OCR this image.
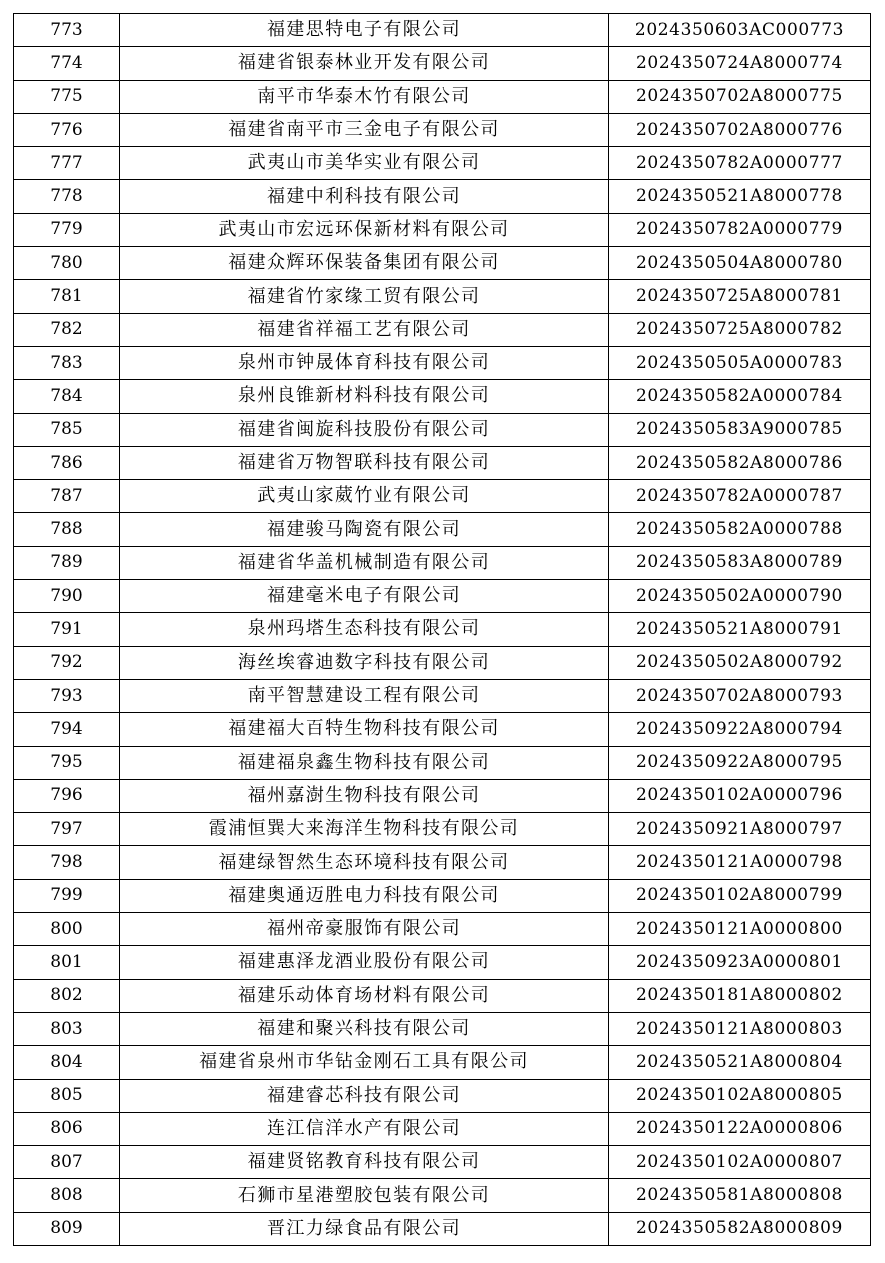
773	福建思特电子有限公司	2024350603AC000773
774	福建省银泰林业开发有限公司	2024350724A8000774
775	南平市华泰木竹有限公司	2024350702A8000775
776	福建省南平市三金电子有限公司	2024350702A8000776
777	武夷山市美华实业有限公司	2024350782A0000777
778	福建中利科技有限公司	2024350521A8000778
779	武夷山市宏远环保新材料有限公司	2024350782A0000779
780	福建众辉环保装备集团有限公司	2024350504A8000780
781	福建省竹家缘工贸有限公司	2024350725A8000781
782	福建省祥福工艺有限公司	2024350725A8000782
783	泉州市钟晟体育科技有限公司	2024350505A0000783
784	泉州良锥新材料科技有限公司	2024350582A0000784
785	福建省闽旋科技股份有限公司	2024350583A9000785
786	福建省万物智联科技有限公司	2024350582A8000786
787	武夷山家葳竹业有限公司	2024350782A0000787
788	福建骏马陶瓷有限公司	2024350582A0000788
789	福建省华盖机械制造有限公司	2024350583A8000789
790	福建毫米电子有限公司	2024350502A0000790
791	泉州玛塔生态科技有限公司	2024350521A8000791
792	海丝埃睿迪数字科技有限公司	2024350502A8000792
793	南平智慧建设工程有限公司	2024350702A8000793
794	福建福大百特生物科技有限公司	2024350922A8000794
795	福建福泉鑫生物科技有限公司	2024350922A8000795
796	福州嘉澍生物科技有限公司	2024350102A0000796
797	霞浦恒巽大来海洋生物科技有限公司	2024350921A8000797
798	福建绿智然生态环境科技有限公司	2024350121A0000798
799	福建奥通迈胜电力科技有限公司	2024350102A8000799
800	福州帝豪服饰有限公司	2024350121A0000800
801	福建惠泽龙酒业股份有限公司	2024350923A0000801
802	福建乐动体育场材料有限公司	2024350181A8000802
803	福建和聚兴科技有限公司	2024350121A8000803
804	福建省泉州市华钻金刚石工具有限公司	2024350521A8000804
805	福建睿芯科技有限公司	2024350102A8000805
806	连江信洋水产有限公司	2024350122A0000806
807	福建贤铭教育科技有限公司	2024350102A0000807
808	石狮市星港塑胶包装有限公司	2024350581A8000808
809	晋江力绿食品有限公司	2024350582A8000809
